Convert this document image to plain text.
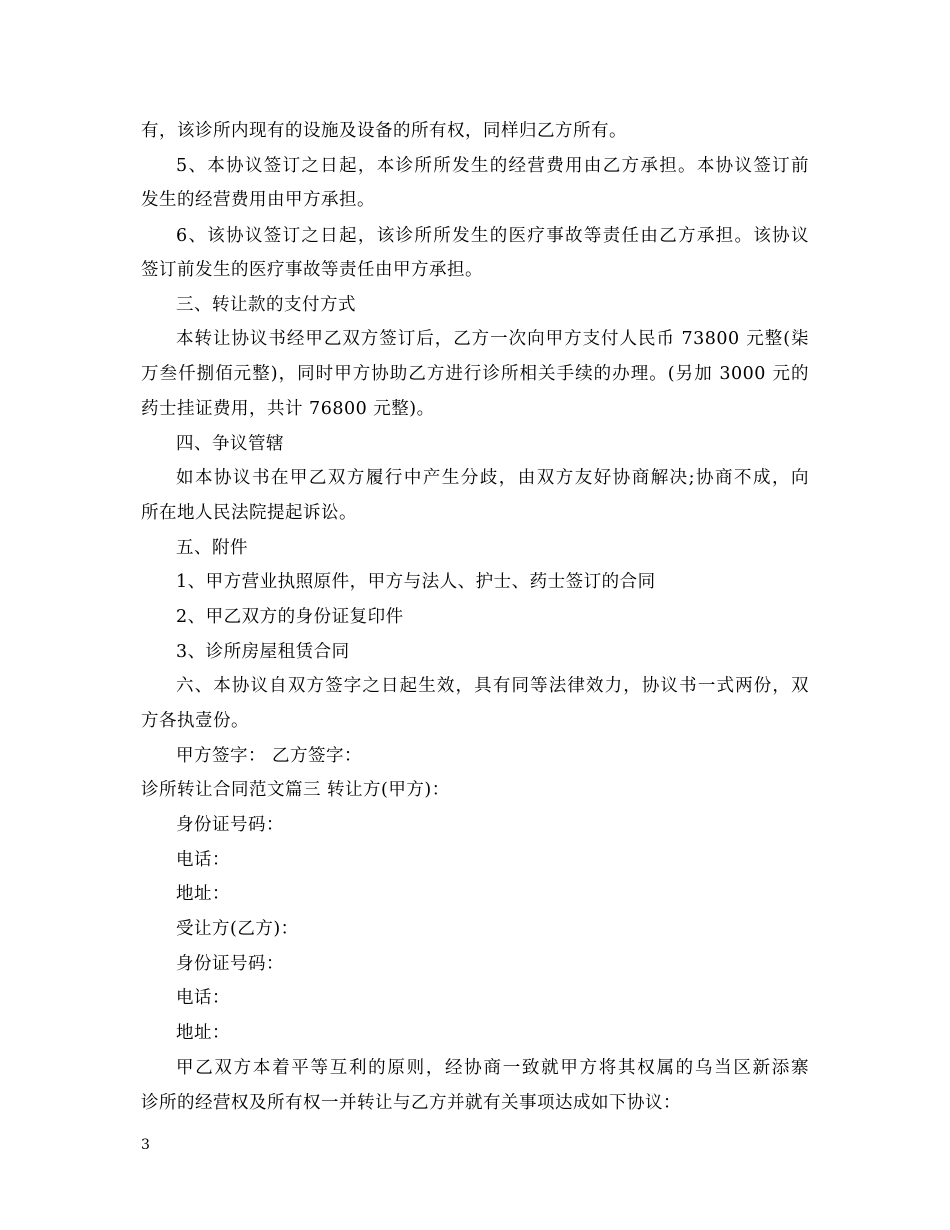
有，该诊所内现有的设施及设备的所有权，同样归乙方所有。
5、本协议签订之日起，本诊所所发生的经营费用由乙方承担。本协议签订前
发生的经营费用由甲方承担。
6、该协议签订之日起，该诊所所发生的医疗事故等责任由乙方承担。该协议
签订前发生的医疗事故等责任由甲方承担。
三、转让款的支付方式
本转让协议书经甲乙双方签订后，乙方一次向甲方支付人民币 73800 元整(柒
万叁仟捌佰元整)，同时甲方协助乙方进行诊所相关手续的办理。(另加 3000 元的
药士挂证费用，共计 76800 元整)。
四、争议管辖
如本协议书在甲乙双方履行中产生分歧，由双方友好协商解决;协商不成，向
所在地人民法院提起诉讼。
五、附件
1、甲方营业执照原件，甲方与法人、护士、药士签订的合同
2、甲乙双方的身份证复印件
3、诊所房屋租赁合同
六、本协议自双方签字之日起生效，具有同等法律效力，协议书一式两份，双
方各执壹份。
甲方签字： 乙方签字：
诊所转让合同范文篇三 转让方(甲方)：
身份证号码：
电话：
地址：
受让方(乙方)：
身份证号码：
电话：
地址：
甲乙双方本着平等互利的原则，经协商一致就甲方将其权属的乌当区新添寨
诊所的经营权及所有权一并转让与乙方并就有关事项达成如下协议：
3
